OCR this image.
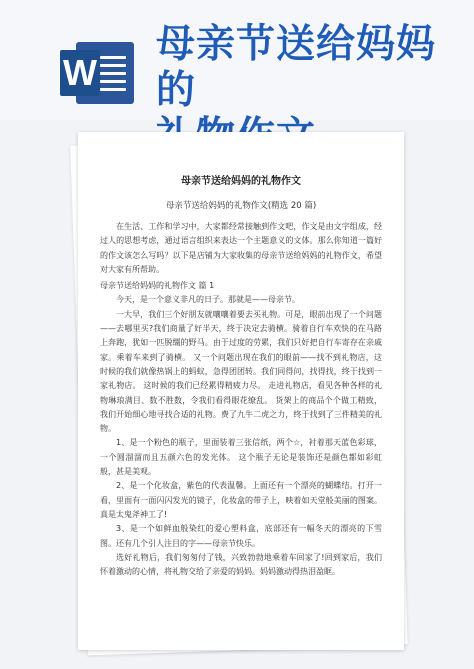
W
母亲节送给妈妈的
母亲节送给妈妈的礼物作文
母亲节送给妈妈的礼物作文(精选 20 篇)

在生活、工作和学习中，大家都经常接触到作文吧，作文是由文字组成，经过人的思想考虑，通过语言组织来表达一个主题意义的文体。那么你知道一篇好的作文该怎么写吗？以下是店铺为大家收集的母亲节送给妈妈的礼物作文，希望对大家有所帮助。

母亲节送给妈妈的礼物作文 篇 1

今天，是一个意义非凡的日子。那就是——母亲节。

一大早，我们三个好朋友就嚷嚷着要去买礼物。可是，眼前出现了一个问题——去哪里买?我们商量了好半天，终于决定去骑横。骑着自行车欢快的在马路上奔跑，犹如一匹脱缰的野马。由于过度的劳累，我们只好把自行车寄存在亲戚家。乘着车来到了骑横。 又一个问题出现在我们的眼前——找不到礼物店，这时候的我们就像热锅上的蚂蚁，急得团团转。我们同得问，找得找，终于找到一家礼物店。 这时候的我们已经累得精疲力尽。 走进礼物店，看见各种各样的礼物琳琅满目、数不胜数，令我们看得眼花缭乱。 货架上的商品个个做工精致，我们开始细心地寻找合适的礼物。费了九牛二虎之力，终于找到了三件精美的礼物。

1、是一个粉色的瓶子，里面装着三张信纸，两个☆，衬着那天蓝色彩球，一个圆溜溜而且五颜六色的发光体。 这个瓶子无论是装饰还是颜色都如彩虹般，甚是美观。

2、是一个化妆盒，紫色的代表温馨。上面还有一个漂亮的蝴蝶结。打开一看，里面有一面闪闪发光的镜子，化妆盒的带子上，映着如天堂般美丽的图案。真是太鬼斧神工了!

3、是一个如鲜血般染红的爱心塑料盒，底部还有一幅冬天的漂亮的下雪图。还有几个引人注目的字——母亲节快乐。

选好礼物后，我们匆匆付了钱，兴致勃勃地乘着车回家了!回到家后，我们怀着激动的心情，将礼物交给了亲爱的妈妈。妈妈激动得热泪盈眶。
